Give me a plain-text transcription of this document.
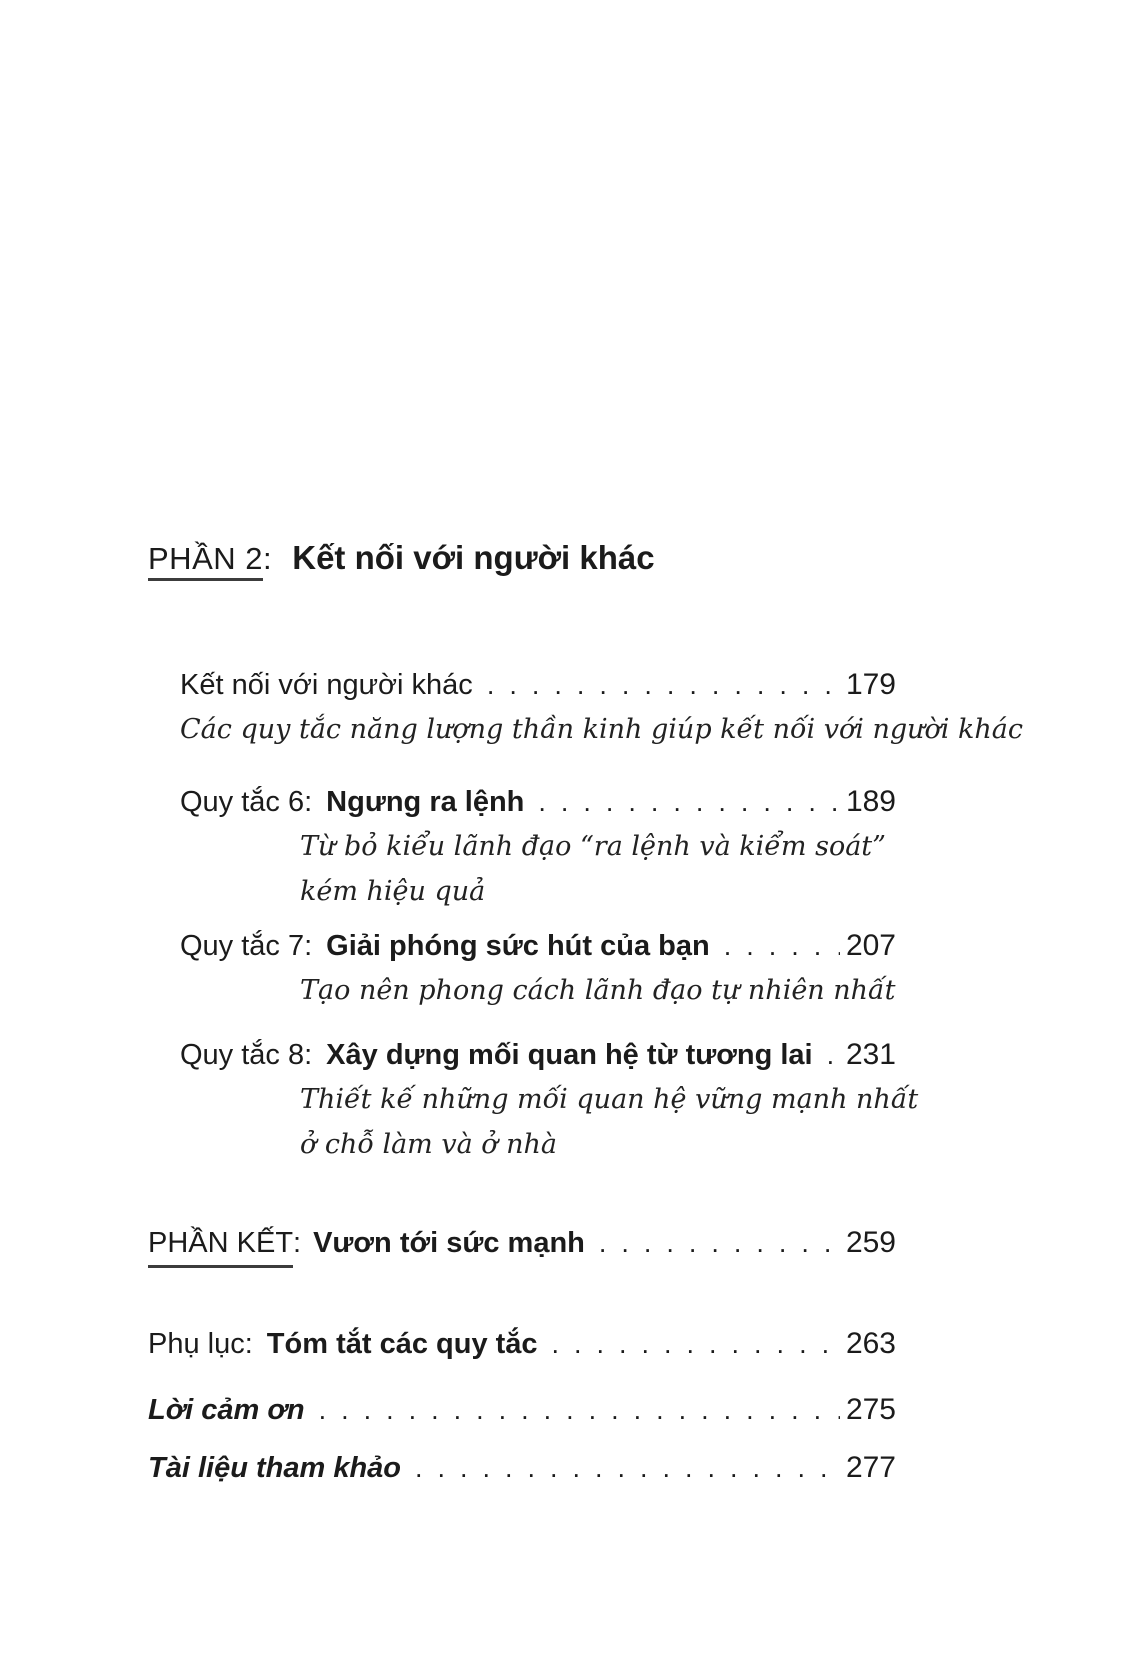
PHẦN 2: Kết nối với người khác
Kết nối với người khác .....	179
Các quy tắc năng lượng thần kinh giúp kết nối với người khác
Quy tắc 6: Ngưng ra lệnh .....	189
Từ bỏ kiểu lãnh đạo “ra lệnh và kiểm soát”
kém hiệu quả
Quy tắc 7: Giải phóng sức hút của bạn .....	207
Tạo nên phong cách lãnh đạo tự nhiên nhất
Quy tắc 8: Xây dựng mối quan hệ từ tương lai ..... 231
Thiết kế những mối quan hệ vững mạnh nhất
ở chỗ làm và ở nhà
PHẦN KẾT : Vươn tới sức mạnh .....	259
Phụ lục: Tóm tắt các quy tắc .....	263
Lời cảm ơn .....	275
Tài liệu tham khảo .....	277
